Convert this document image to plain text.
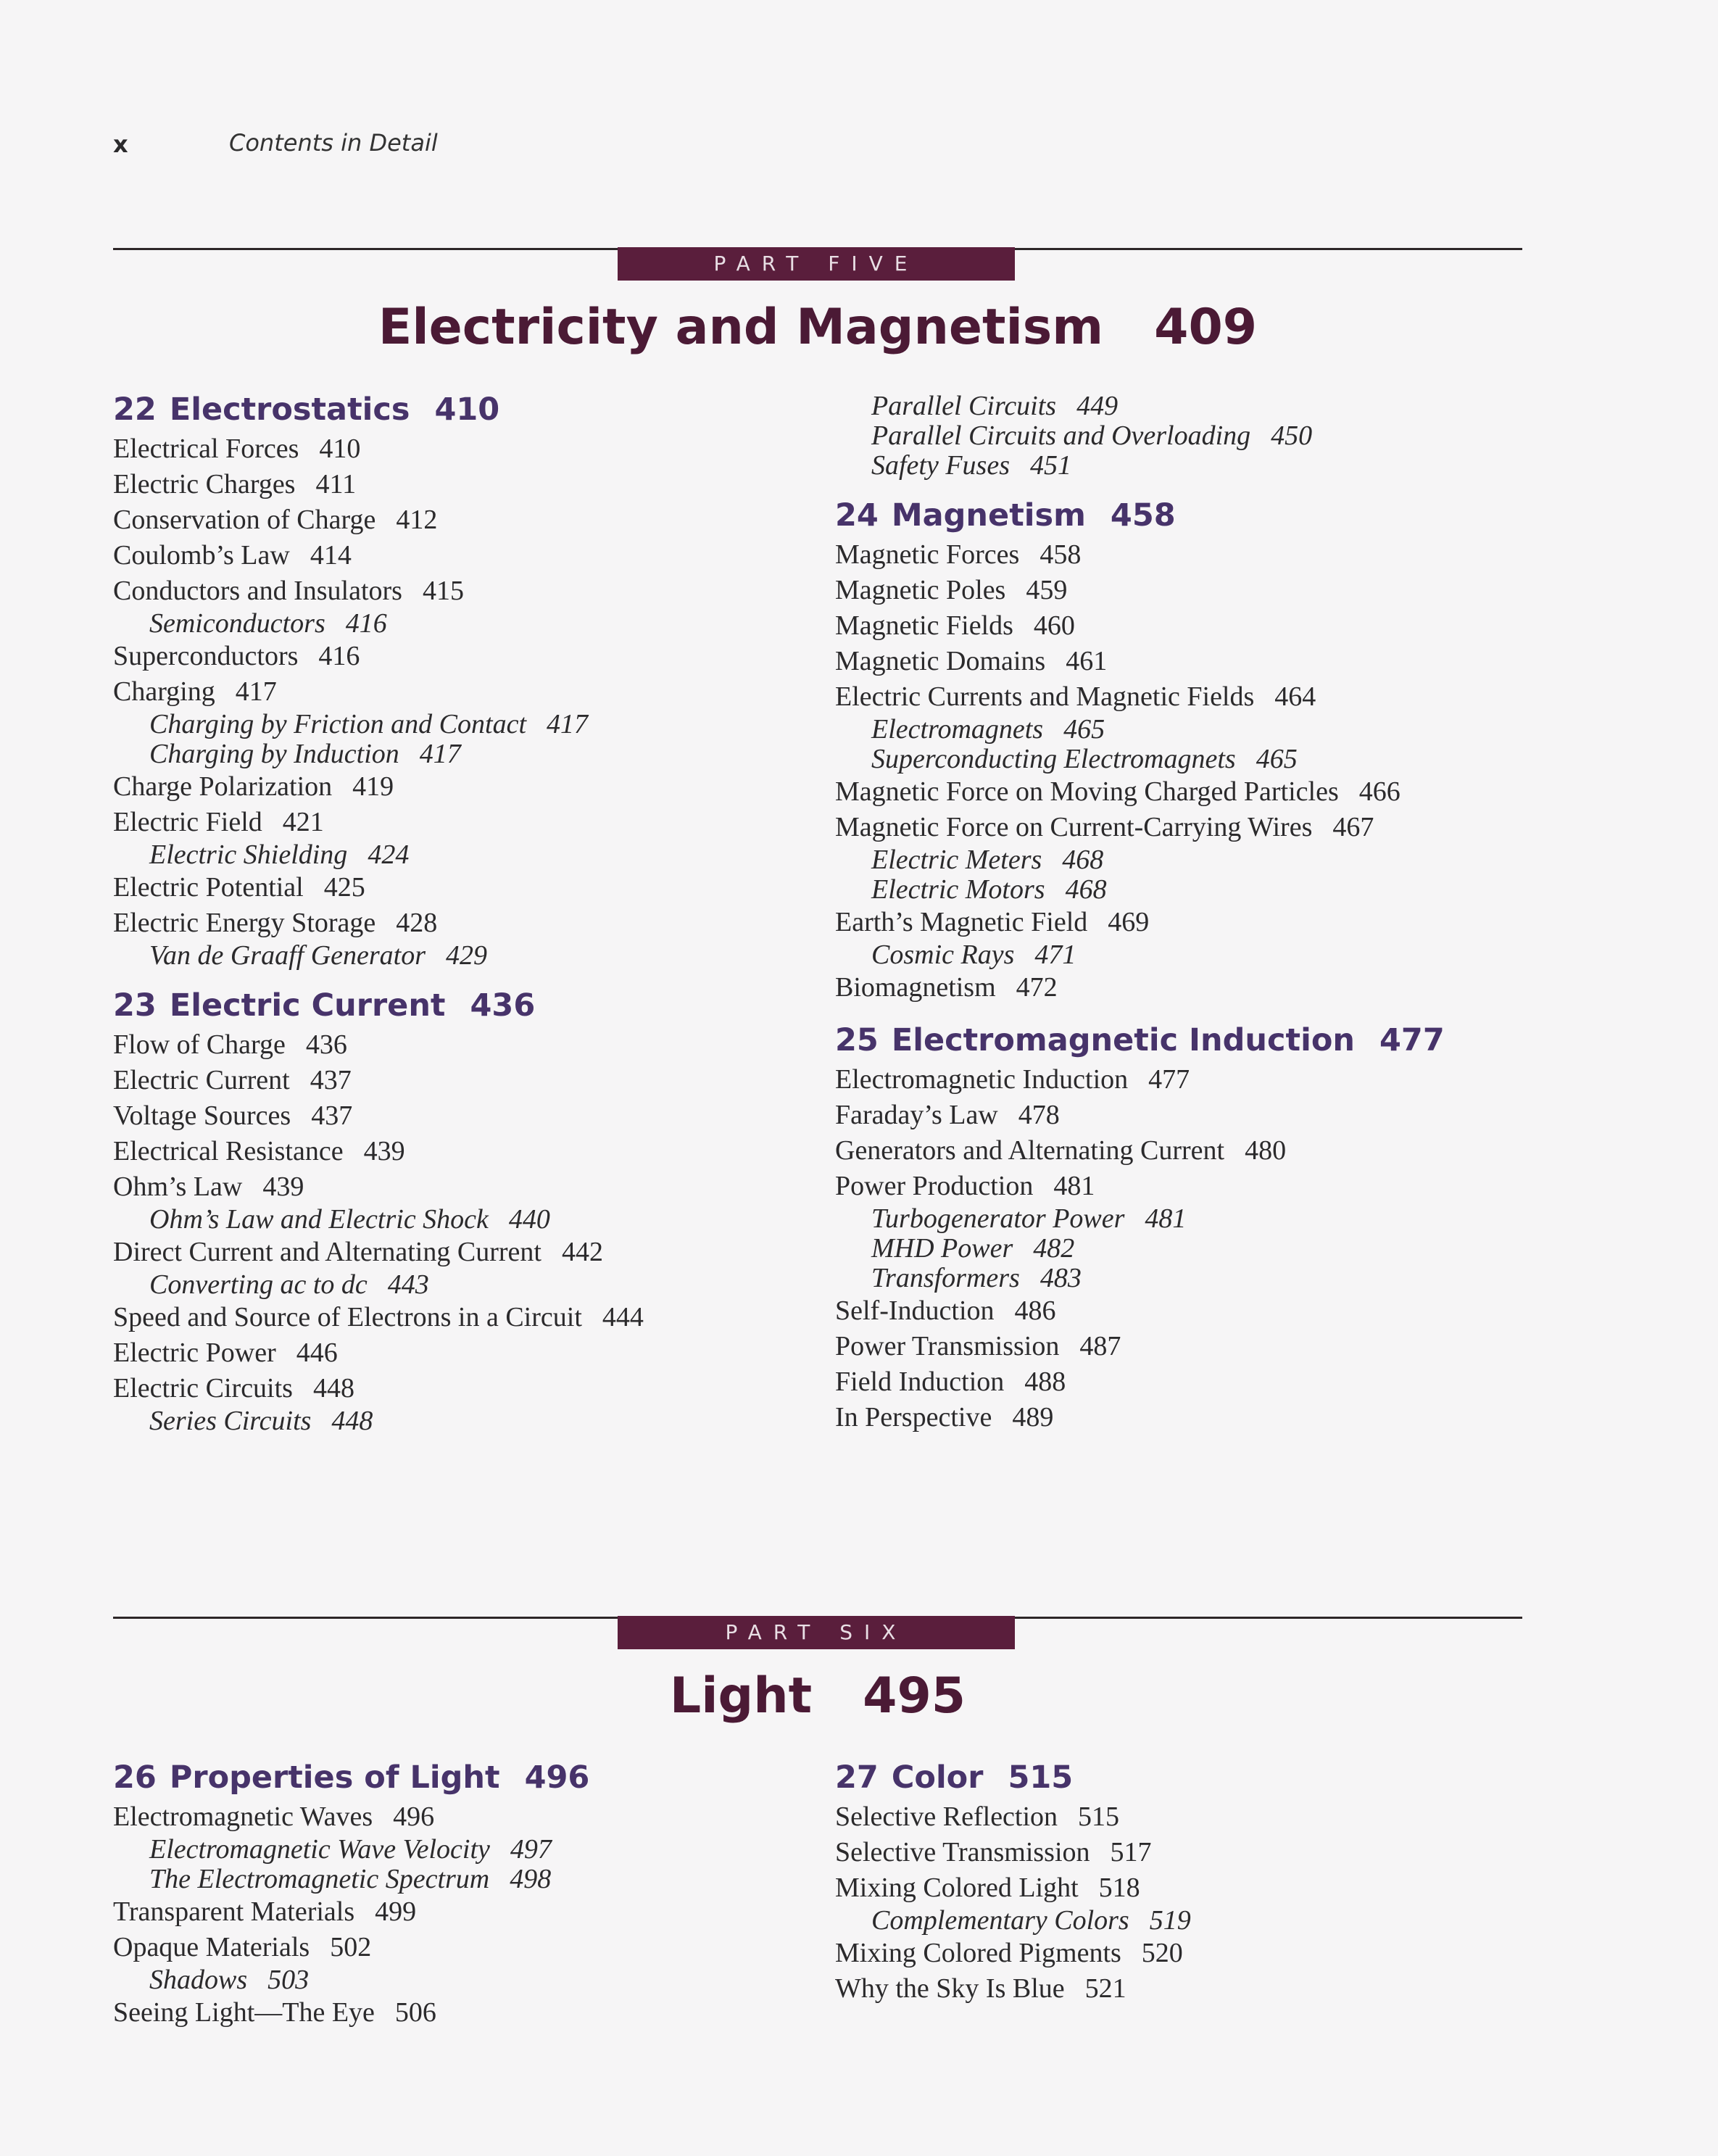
x	Contents in Detail
PART FIVE
Electricity and Magnetism 409
22 Electrostatics 410
Electrical Forces 410
Electric Charges 411
Conservation of Charge 412
Coulomb’s Law 414
Conductors and Insulators 415
Semiconductors 416
Superconductors 416
Charging 417
Charging by Friction and Contact 417
Charging by Induction 417
Charge Polarization 419
Electric Field 421
Electric Shielding 424
Electric Potential 425
Electric Energy Storage 428
Van de Graaff Generator 429
23 Electric Current 436
Flow of Charge 436
Electric Current 437
Voltage Sources 437
Electrical Resistance 439
Ohm’s Law 439
Ohm’s Law and Electric Shock 440
Direct Current and Alternating Current 442
Converting ac to dc 443
Speed and Source of Electrons in a Circuit 444
Electric Power 446
Electric Circuits 448
Series Circuits 448
Parallel Circuits 449
Parallel Circuits and Overloading 450
Safety Fuses 451
24 Magnetism 458
Magnetic Forces 458
Magnetic Poles 459
Magnetic Fields 460
Magnetic Domains 461
Electric Currents and Magnetic Fields 464
Electromagnets 465
Superconducting Electromagnets 465
Magnetic Force on Moving Charged Particles 466
Magnetic Force on Current-Carrying Wires 467
Electric Meters 468
Electric Motors 468
Earth’s Magnetic Field 469
Cosmic Rays 471
Biomagnetism 472
25 Electromagnetic Induction 477
Electromagnetic Induction 477
Faraday’s Law 478
Generators and Alternating Current 480
Power Production 481
Turbogenerator Power 481
MHD Power 482
Transformers 483
Self-Induction 486
Power Transmission 487
Field Induction 488
In Perspective 489
PART SIX
Light 495
26 Properties of Light 496
Electromagnetic Waves 496
Electromagnetic Wave Velocity 497
The Electromagnetic Spectrum 498
Transparent Materials 499
Opaque Materials 502
Shadows 503
Seeing Light—The Eye 506
27 Color 515
Selective Reflection 515
Selective Transmission 517
Mixing Colored Light 518
Complementary Colors 519
Mixing Colored Pigments 520
Why the Sky Is Blue 521
